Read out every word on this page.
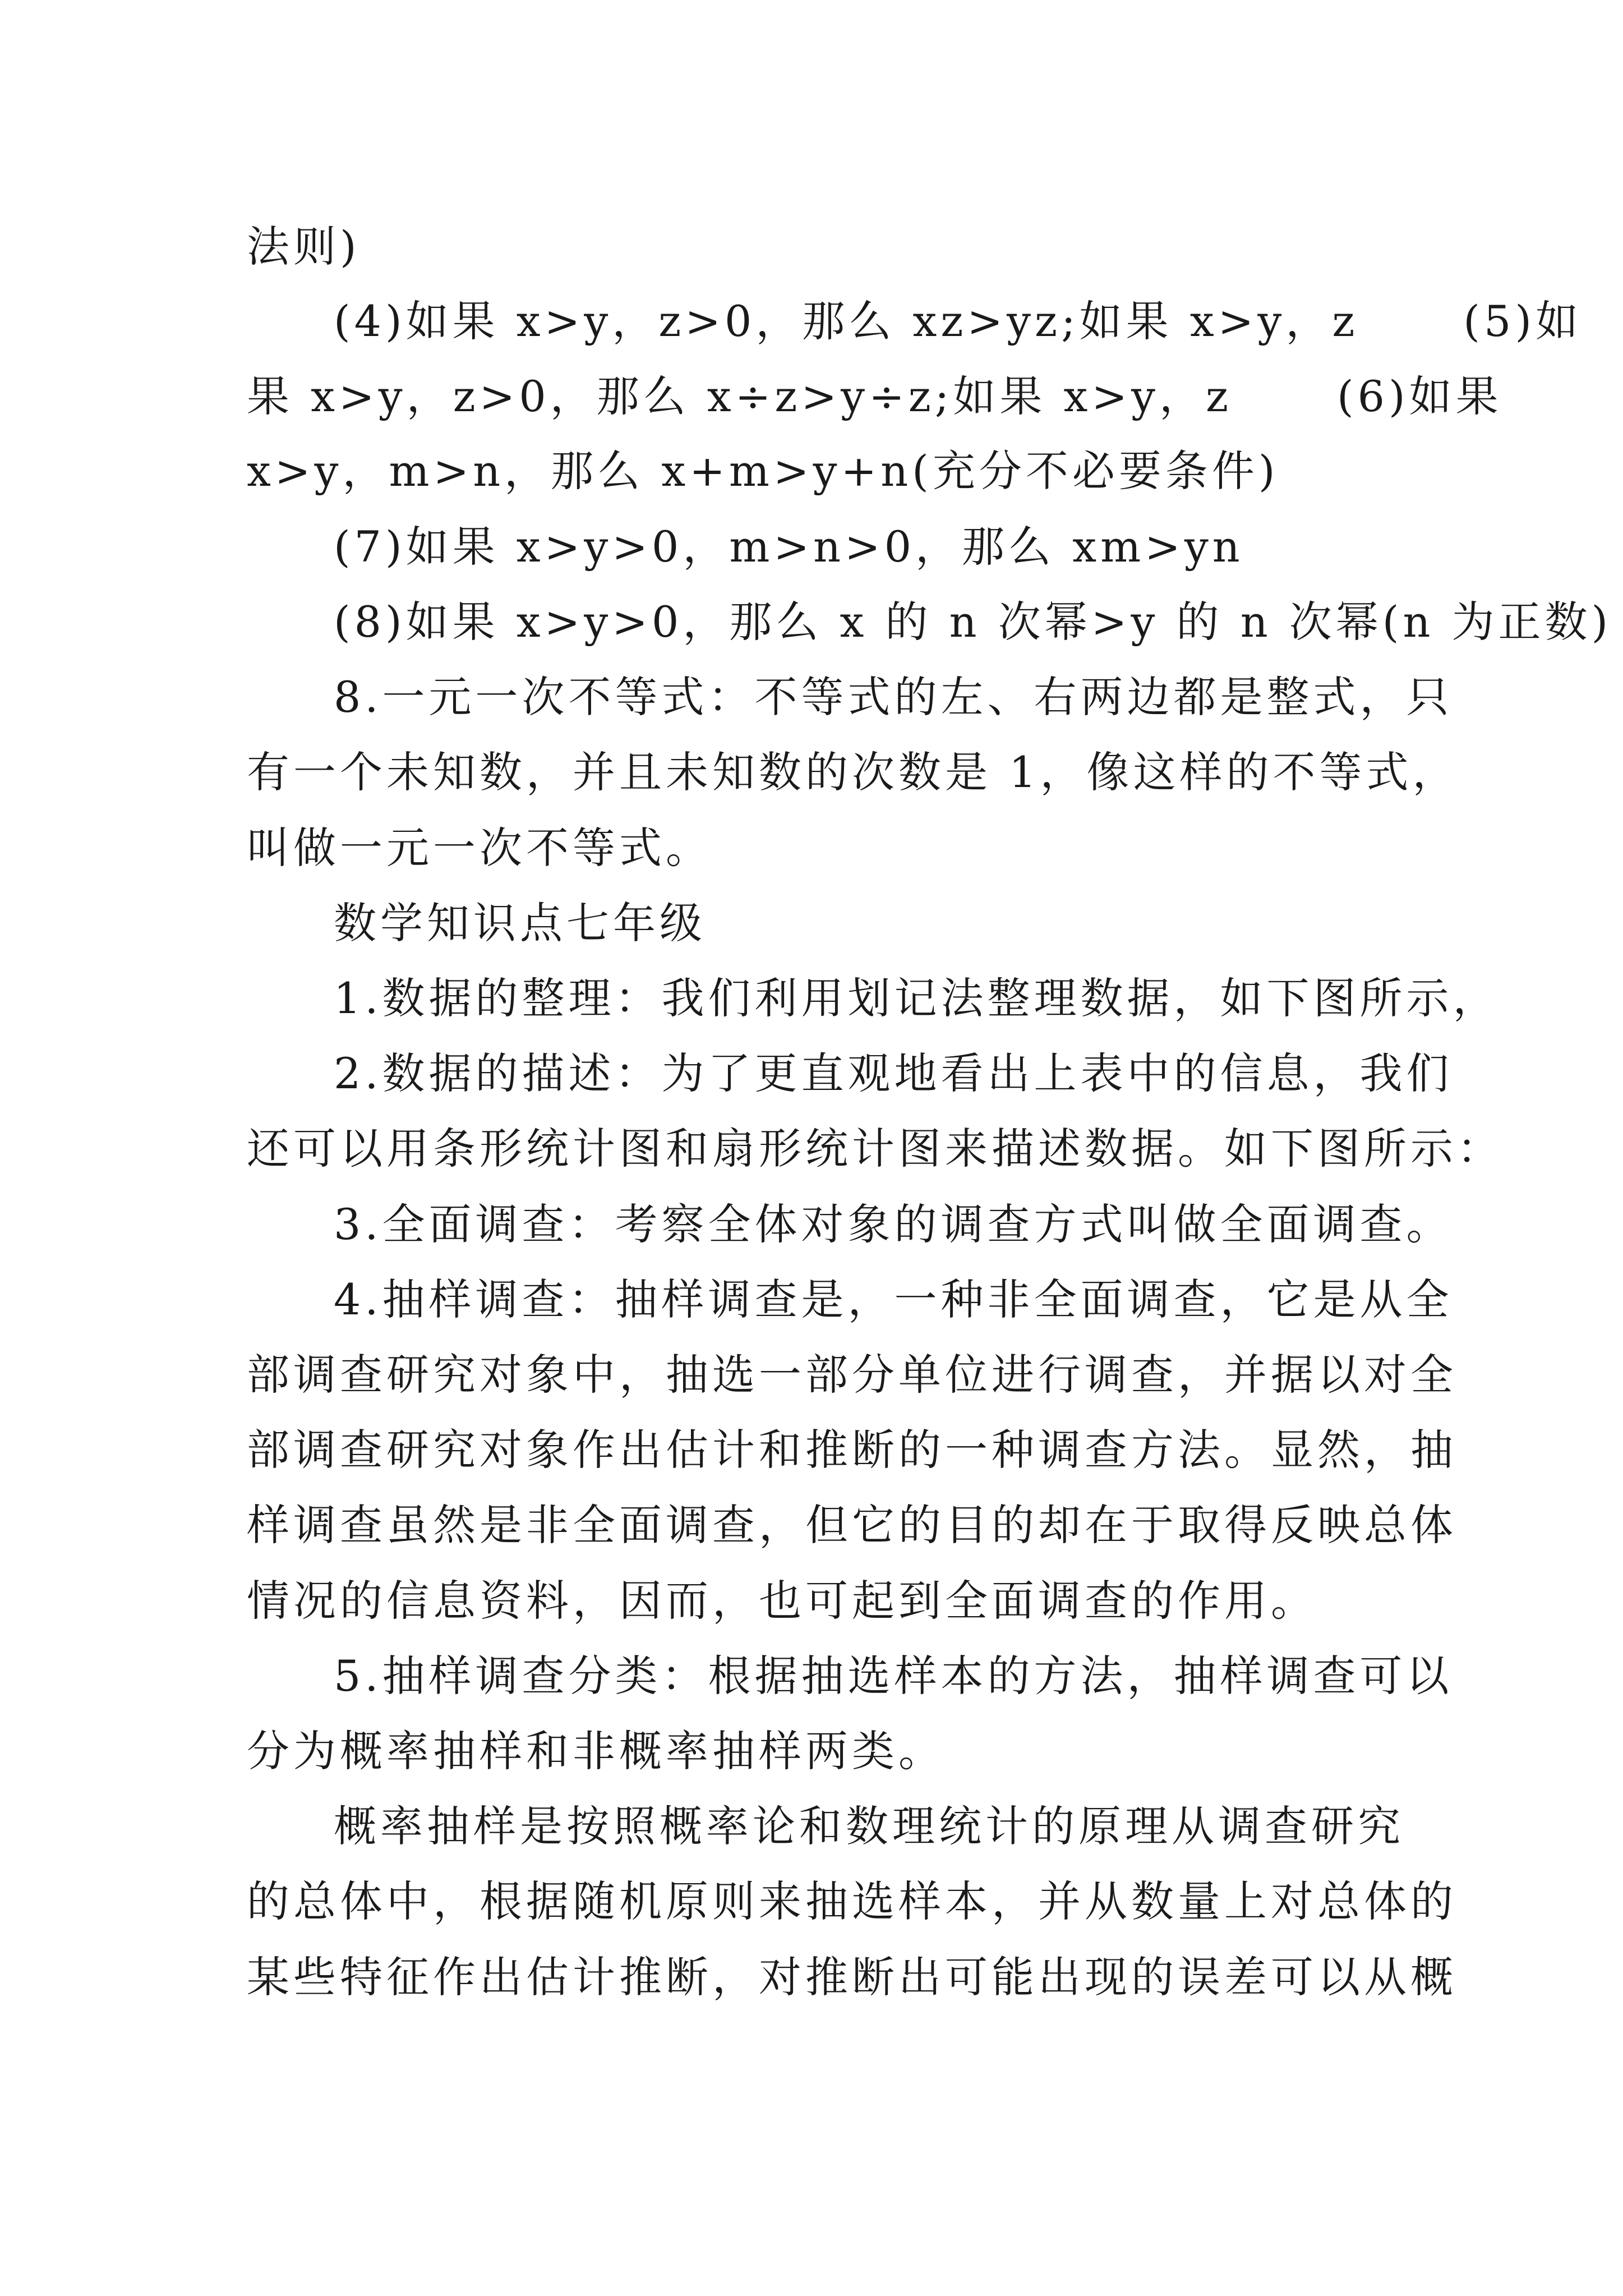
法则)
(4)如果 x>y，z>0，那么 xz>yz;如果 x>y，z      (5)如
果 x>y，z>0，那么 x÷z>y÷z;如果 x>y，z      (6)如果
x>y，m>n，那么 x+m>y+n(充分不必要条件)
(7)如果 x>y>0，m>n>0，那么 xm>yn
(8)如果 x>y>0，那么 x 的 n 次幂>y 的 n 次幂(n 为正数)
8.一元一次不等式：不等式的左、右两边都是整式，只
有一个未知数，并且未知数的次数是 1，像这样的不等式，
叫做一元一次不等式。
数学知识点七年级
1.数据的整理：我们利用划记法整理数据，如下图所示，
2.数据的描述：为了更直观地看出上表中的信息，我们
还可以用条形统计图和扇形统计图来描述数据。如下图所示：
3.全面调查：考察全体对象的调查方式叫做全面调查。
4.抽样调查：抽样调查是，一种非全面调查，它是从全
部调查研究对象中，抽选一部分单位进行调查，并据以对全
部调查研究对象作出估计和推断的一种调查方法。显然，抽
样调查虽然是非全面调查，但它的目的却在于取得反映总体
情况的信息资料，因而，也可起到全面调查的作用。
5.抽样调查分类：根据抽选样本的方法，抽样调查可以
分为概率抽样和非概率抽样两类。
概率抽样是按照概率论和数理统计的原理从调查研究
的总体中，根据随机原则来抽选样本，并从数量上对总体的
某些特征作出估计推断，对推断出可能出现的误差可以从概
